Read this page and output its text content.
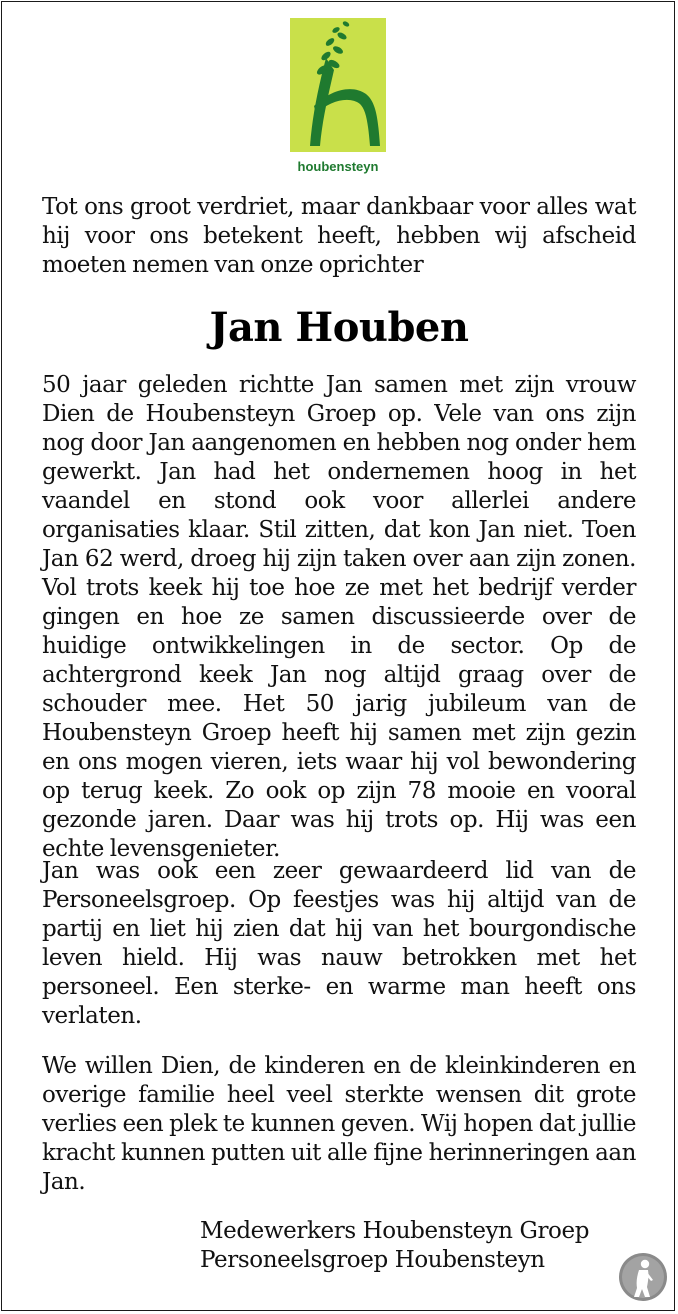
houbensteyn
Tot ons groot verdriet, maar dankbaar voor alles wat hij voor ons betekent heeft, hebben wij afscheid moeten nemen van onze oprichter
Jan Houben
50 jaar geleden richtte Jan samen met zijn vrouw Dien de Houbensteyn Groep op. Vele van ons zijn nog door Jan aangenomen en hebben nog onder hem gewerkt. Jan had het ondernemen hoog in het vaandel en stond ook voor allerlei andere organisaties klaar. Stil zitten, dat kon Jan niet. Toen Jan 62 werd, droeg hij zijn taken over aan zijn zonen. Vol trots keek hij toe hoe ze met het bedrijf verder gingen en hoe ze samen discussieerde over de huidige ontwikkelingen in de sector. Op de achtergrond keek Jan nog altijd graag over de schouder mee. Het 50 jarig jubileum van de Houbensteyn Groep heeft hij samen met zijn gezin en ons mogen vieren, iets waar hij vol bewondering op terug keek. Zo ook op zijn 78 mooie en vooral gezonde jaren. Daar was hij trots op. Hij was een echte levensgenieter.
Jan was ook een zeer gewaardeerd lid van de Personeelsgroep. Op feestjes was hij altijd van de partij en liet hij zien dat hij van het bourgondische leven hield. Hij was nauw betrokken met het personeel. Een sterke- en warme man heeft ons verlaten.
We willen Dien, de kinderen en de kleinkinderen en overige familie heel veel sterkte wensen dit grote verlies een plek te kunnen geven. Wij hopen dat jullie kracht kunnen putten uit alle fijne herinneringen aan Jan.
Medewerkers Houbensteyn Groep
Personeelsgroep Houbensteyn
